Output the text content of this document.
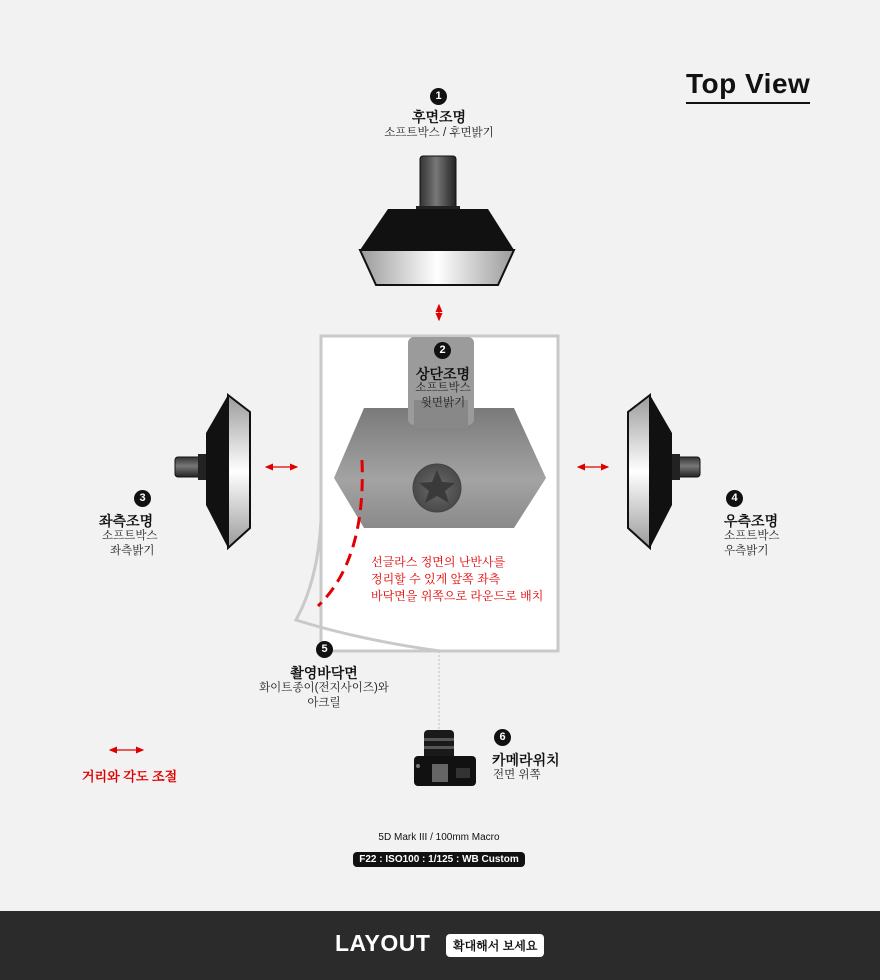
Top View
1
후면조명
소프트박스 / 후면밝기
2
상단조명
소프트박스
윗면밝기
3
좌측조명
소프트박스
좌측밝기
4
우측조명
소프트박스
우측밝기
선글라스 정면의 난반사를
정리할 수 있게 앞쪽 좌측
바닥면을 위쪽으로 라운드로 배치
5
촬영바닥면
화이트종이(전지사이즈)와
아크릴
6
카메라위치
전면 위쪽
거리와 각도 조절
5D Mark III / 100mm Macro
F22 : ISO100 : 1/125 : WB Custom
LAYOUT	확대해서 보세요
